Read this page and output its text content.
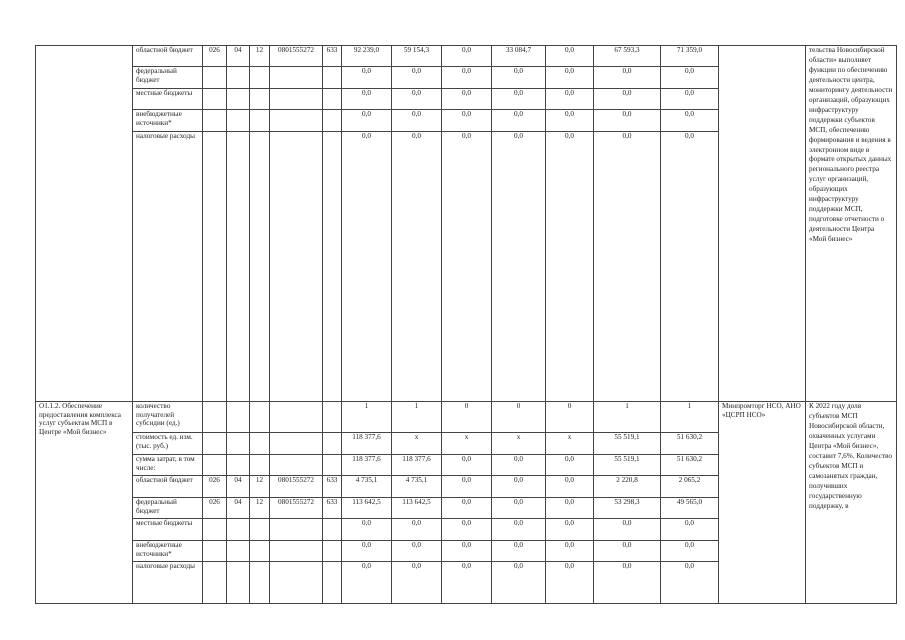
	областной бюджет	026	04	12	0801555272	633	92 239,0	59 154,3	0,0	33 084,7	0,0	67 593,3	71 359,0		тельства Новосибирской области» выполняет функции по обеспечению деятельности центра, мониторингу деятельности организаций, образующих инфраструктуру поддержки субъектов МСП, обеспечению формирования и ведения в электронном виде в формате открытых данных регионального реестра услуг организаций, образующих инфраструктуру поддержки МСП, подготовке отчетности о деятельности Центра «Мой бизнес»
	федеральный бюджет						0,0	0,0	0,0	0,0	0,0	0,0	0,0		
	местные бюджеты						0,0	0,0	0,0	0,0	0,0	0,0	0,0		
	внебюджетные источники*						0,0	0,0	0,0	0,0	0,0	0,0	0,0		
	налоговые расходы						0,0	0,0	0,0	0,0	0,0	0,0	0,0		
О1.1.2. Обеспечение предоставления комплекса услуг субъектам МСП в Центре «Мой бизнес»	количество получателей субсидии (ед.)						1	1	0	0	0	1	1	Минпромторг НСО, АНО «ЦСРП НСО»	К 2022 году доля субъектов МСП Новосибирской области, охваченных услугами Центра «Мой бизнес», составит 7,6%. Количество субъектов МСП и самозанятых граждан, получивших государственную поддержку, в
	стоимость ед. изм. (тыс. руб.)						118 377,6	х	х	х	х	55 519,1	51 630,2		
	сумма затрат, в том числе:						118 377,6	118 377,6	0,0	0,0	0,0	55 519,1	51 630,2		
	областной бюджет	026	04	12	0801555272	633	4 735,1	4 735,1	0,0	0,0	0,0	2 220,8	2 065,2		
	федеральный бюджет	026	04	12	0801555272	633	113 642,5	113 642,5	0,0	0,0	0,0	53 298,3	49 565,0		
	местные бюджеты						0,0	0,0	0,0	0,0	0,0	0,0	0,0		
	внебюджетные источники*						0,0	0,0	0,0	0,0	0,0	0,0	0,0		
	налоговые расходы						0,0	0,0	0,0	0,0	0,0	0,0	0,0		
